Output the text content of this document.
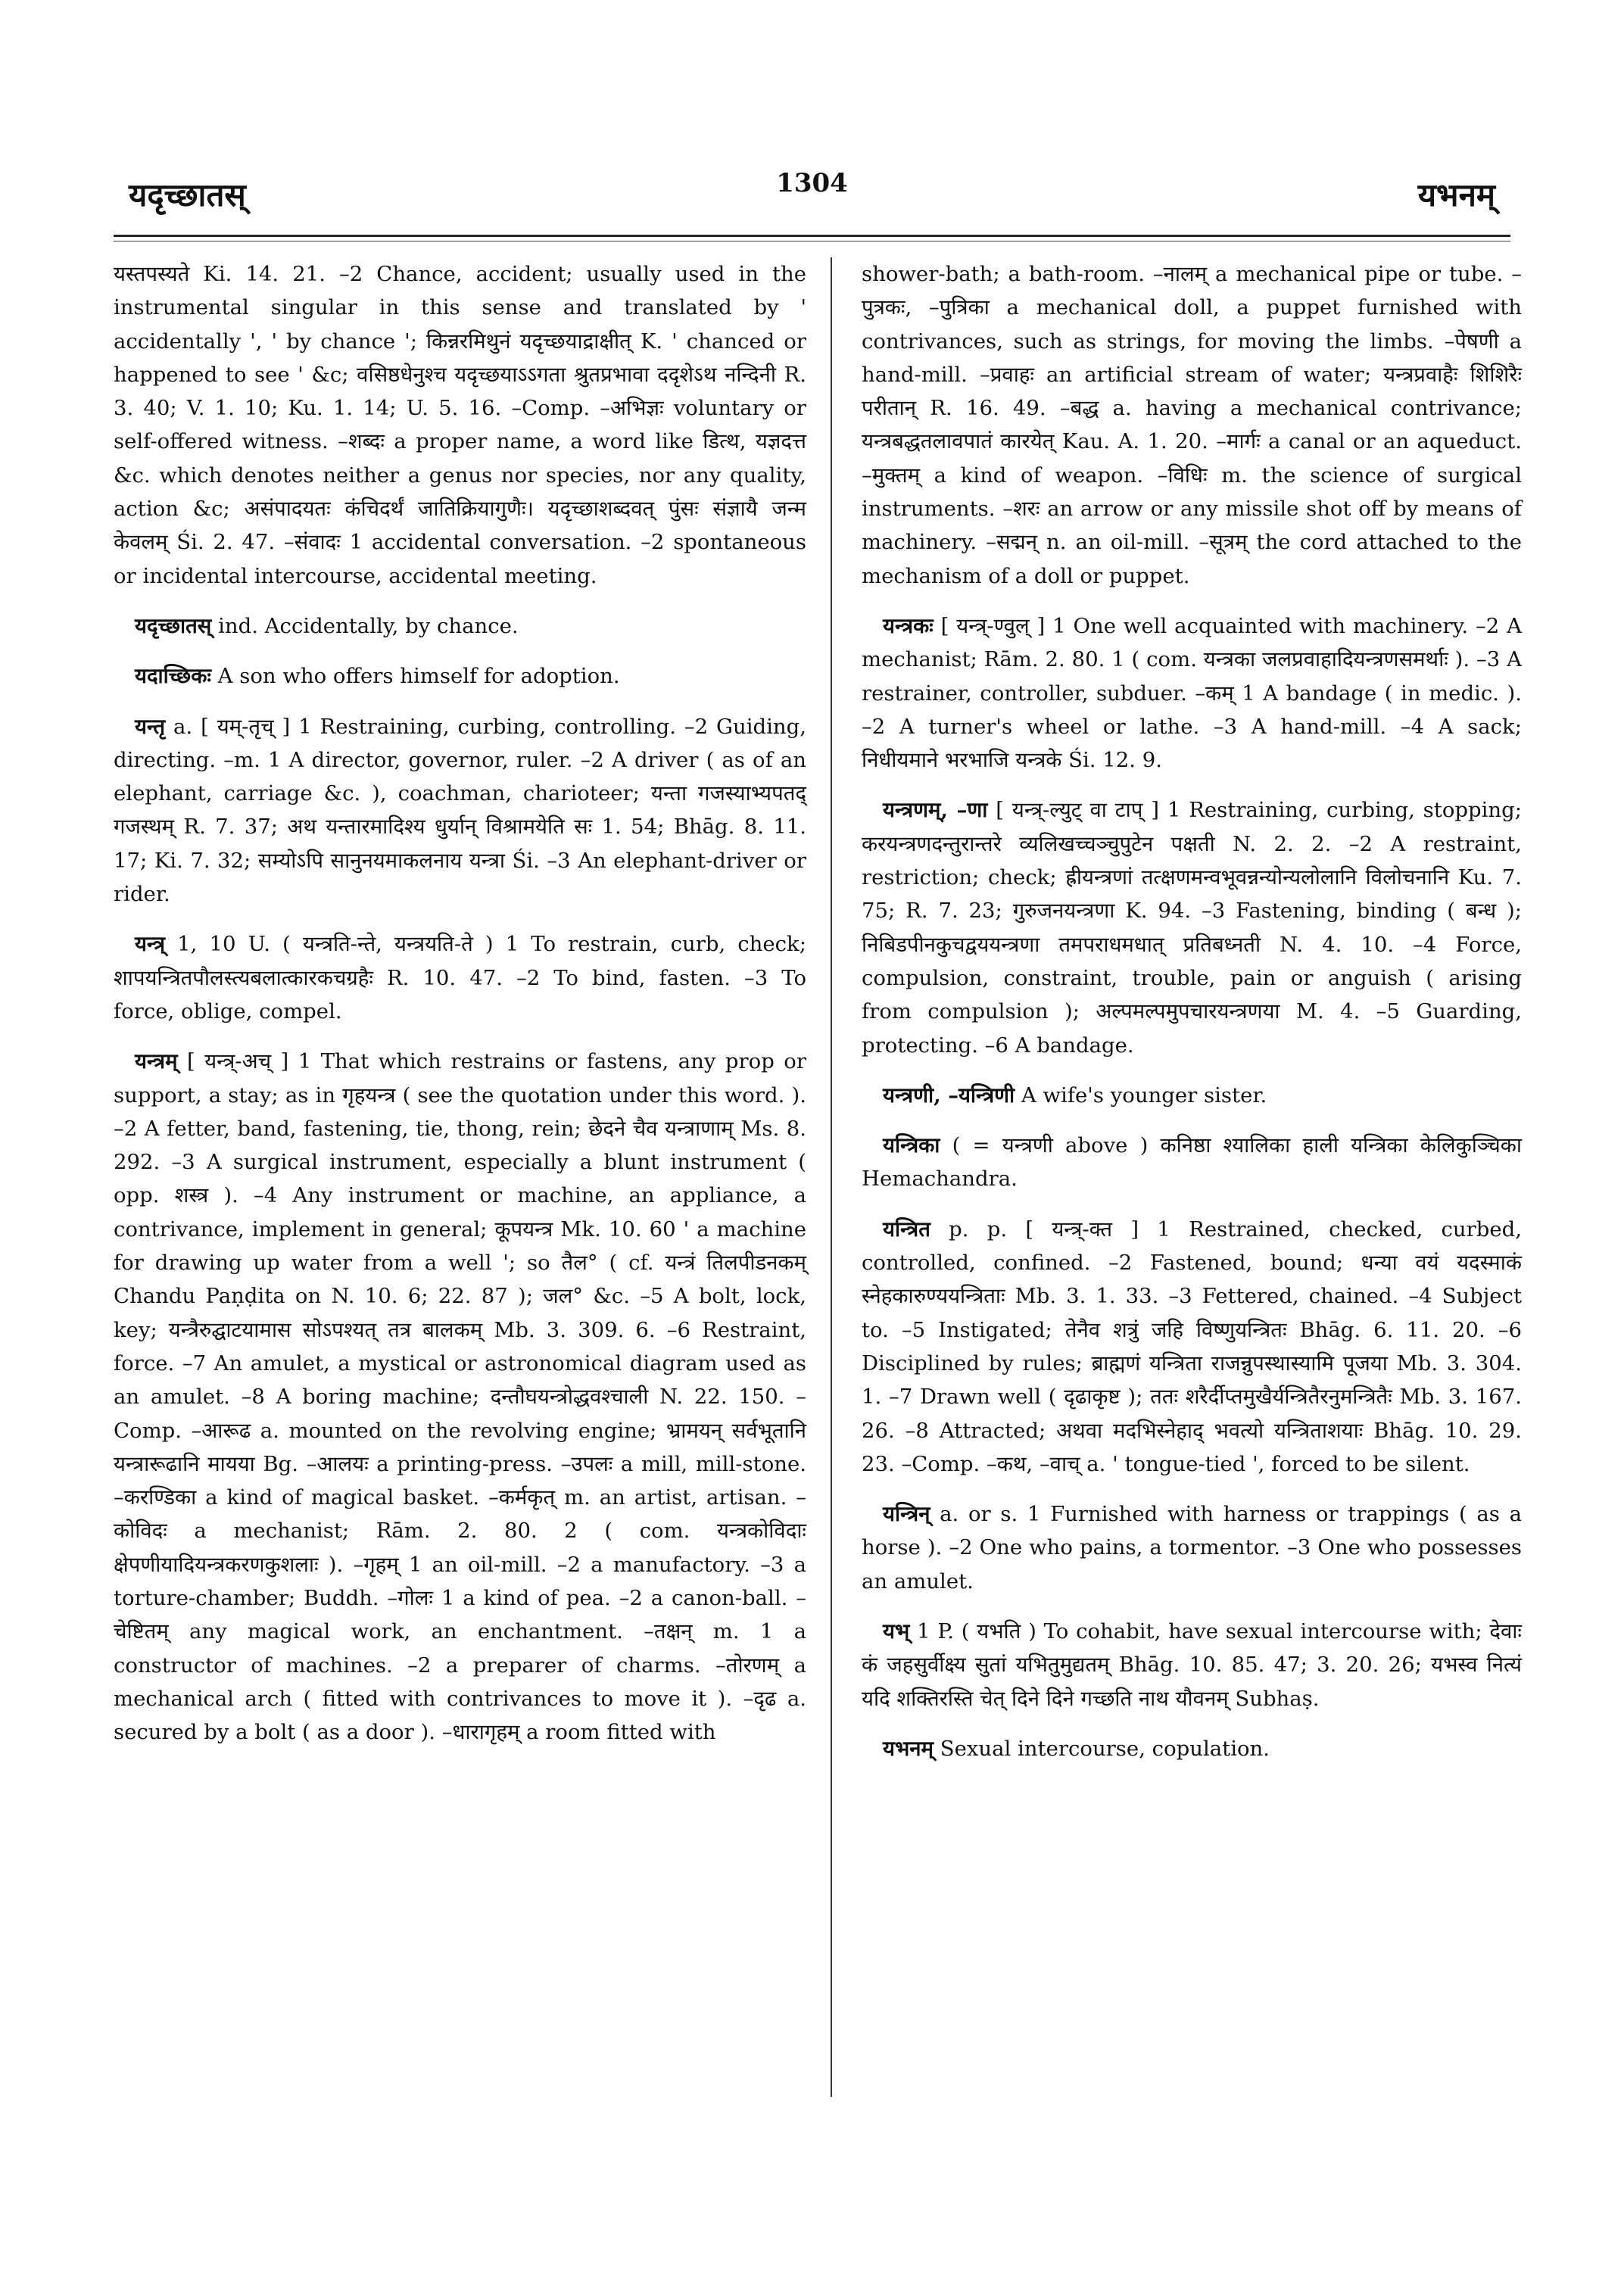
यदृच्छातस्	1304	यभनम्
यस्तपस्यते Ki. 14. 21. –2 Chance, accident; usually used in the instrumental singular in this sense and translated by ' accidentally ', ' by chance '; किन्नरमिथुनं यदृच्छयाद्राक्षीत् K. ' chanced or happened to see ' &c; वसिष्ठधेनुश्च यदृच्छयाऽऽगता श्रुतप्रभावा ददृशेऽथ नन्दिनी R. 3. 40; V. 1. 10; Ku. 1. 14; U. 5. 16. –Comp. –अभिज्ञः voluntary or self-offered witness. –शब्दः a proper name, a word like डित्थ, यज्ञदत्त &c. which denotes neither a genus nor species, nor any quality, action &c; असंपादयतः कंचिदर्थं जातिक्रियागुणैः। यदृच्छाशब्दवत् पुंसः संज्ञायै जन्म केवलम् Śi. 2. 47. –संवादः 1 accidental conversation. –2 spontaneous or incidental intercourse, accidental meeting.
यदृच्छातस् ind. Accidentally, by chance.
यदाच्छिकः A son who offers himself for adoption.
यन्तृ a. [ यम्-तृच् ] 1 Restraining, curbing, controlling. –2 Guiding, directing. –m. 1 A director, governor, ruler. –2 A driver ( as of an elephant, carriage &c. ), coachman, charioteer; यन्ता गजस्याभ्यपतद् गजस्थम् R. 7. 37; अथ यन्तारमादिश्य धुर्यान् विश्रामयेति सः 1. 54; Bhāg. 8. 11. 17; Ki. 7. 32; सम्योऽपि सानुनयमाकलनाय यन्त्रा Śi. –3 An elephant-driver or rider.
यन्त्र् 1, 10 U. ( यन्त्रति-न्ते, यन्त्रयति-ते ) 1 To restrain, curb, check; शापयन्त्रितपौलस्त्यबलात्कारकचग्रहैः R. 10. 47. –2 To bind, fasten. –3 To force, oblige, compel.
यन्त्रम् [ यन्त्र्-अच् ] 1 That which restrains or fastens, any prop or support, a stay; as in गृहयन्त्र ( see the quotation under this word. ). –2 A fetter, band, fastening, tie, thong, rein; छेदने चैव यन्त्राणाम् Ms. 8. 292. –3 A surgical instrument, especially a blunt instrument ( opp. शस्त्र ). –4 Any instrument or machine, an appliance, a contrivance, implement in general; कूपयन्त्र Mk. 10. 60 ' a machine for drawing up water from a well '; so तैल° ( cf. यन्त्रं तिलपीडनकम् Chandu Paṇḍita on N. 10. 6; 22. 87 ); जल° &c. –5 A bolt, lock, key; यन्त्रैरुद्घाटयामास सोऽपश्यत् तत्र बालकम् Mb. 3. 309. 6. –6 Restraint, force. –7 An amulet, a mystical or astronomical diagram used as an amulet. –8 A boring machine; दन्तौघयन्त्रोद्धवश्चाली N. 22. 150. –Comp. –आरूढ a. mounted on the revolving engine; भ्रामयन् सर्वभूतानि यन्त्रारूढानि मायया Bg. –आलयः a printing-press. –उपलः a mill, mill-stone. –करण्डिका a kind of magical basket. –कर्मकृत् m. an artist, artisan. –कोविदः a mechanist; Rām. 2. 80. 2 ( com. यन्त्रकोविदाः क्षेपणीयादियन्त्रकरणकुशलाः ). –गृहम् 1 an oil-mill. –2 a manufactory. –3 a torture-chamber; Buddh. –गोलः 1 a kind of pea. –2 a canon-ball. –चेष्टितम् any magical work, an enchantment. –तक्षन् m. 1 a constructor of machines. –2 a preparer of charms. –तोरणम् a mechanical arch ( fitted with contrivances to move it ). –दृढ a. secured by a bolt ( as a door ). –धारागृहम् a room fitted with
shower-bath; a bath-room. –नालम् a mechanical pipe or tube. –पुत्रकः, –पुत्रिका a mechanical doll, a puppet furnished with contrivances, such as strings, for moving the limbs. –पेषणी a hand-mill. –प्रवाहः an artificial stream of water; यन्त्रप्रवाहैः शिशिरैः परीतान् R. 16. 49. –बद्ध a. having a mechanical contrivance; यन्त्रबद्धतलावपातं कारयेत् Kau. A. 1. 20. –मार्गः a canal or an aqueduct. –मुक्तम् a kind of weapon. –विधिः m. the science of surgical instruments. –शरः an arrow or any missile shot off by means of machinery. –सद्मन् n. an oil-mill. –सूत्रम् the cord attached to the mechanism of a doll or puppet.
यन्त्रकः [ यन्त्र्-ण्वुल् ] 1 One well acquainted with machinery. –2 A mechanist; Rām. 2. 80. 1 ( com. यन्त्रका जलप्रवाहादियन्त्रणसमर्थाः ). –3 A restrainer, controller, subduer. –कम् 1 A bandage ( in medic. ). –2 A turner's wheel or lathe. –3 A hand-mill. –4 A sack; निधीयमाने भरभाजि यन्त्रके Śi. 12. 9.
यन्त्रणम्, –णा [ यन्त्र्-ल्युट् वा टाप् ] 1 Restraining, curbing, stopping; करयन्त्रणदन्तुरान्तरे व्यलिखच्चञ्चुपुटेन पक्षती N. 2. 2. –2 A restraint, restriction; check; ह्रीयन्त्रणां तत्क्षणमन्वभूवन्नन्योन्यलोलानि विलोचनानि Ku. 7. 75; R. 7. 23; गुरुजनयन्त्रणा K. 94. –3 Fastening, binding ( बन्ध ); निबिडपीनकुचद्वययन्त्रणा तमपराधमधात् प्रतिबध्नती N. 4. 10. –4 Force, compulsion, constraint, trouble, pain or anguish ( arising from compulsion ); अल्पमल्पमुपचारयन्त्रणया M. 4. –5 Guarding, protecting. –6 A bandage.
यन्त्रणी, –यन्त्रिणी A wife's younger sister.
यन्त्रिका ( = यन्त्रणी above ) कनिष्ठा श्यालिका हाली यन्त्रिका केलिकुञ्चिका Hemachandra.
यन्त्रित p. p. [ यन्त्र्-क्त ] 1 Restrained, checked, curbed, controlled, confined. –2 Fastened, bound; धन्या वयं यदस्माकं स्नेहकारुण्ययन्त्रिताः Mb. 3. 1. 33. –3 Fettered, chained. –4 Subject to. –5 Instigated; तेनैव शत्रुं जहि विष्णुयन्त्रितः Bhāg. 6. 11. 20. –6 Disciplined by rules; ब्राह्मणं यन्त्रिता राजन्नुपस्थास्यामि पूजया Mb. 3. 304. 1. –7 Drawn well ( दृढाकृष्ट ); ततः शरैर्दीप्तमुखैर्यन्त्रितैरनुमन्त्रितैः Mb. 3. 167. 26. –8 Attracted; अथवा मदभिस्नेहाद् भवत्यो यन्त्रिताशयाः Bhāg. 10. 29. 23. –Comp. –कथ, –वाच् a. ' tongue-tied ', forced to be silent.
यन्त्रिन् a. or s. 1 Furnished with harness or trappings ( as a horse ). –2 One who pains, a tormentor. –3 One who possesses an amulet.
यभ् 1 P. ( यभति ) To cohabit, have sexual intercourse with; देवाः कं जहसुर्वीक्ष्य सुतां यभितुमुद्यतम् Bhāg. 10. 85. 47; 3. 20. 26; यभस्व नित्यं यदि शक्तिरस्ति चेत् दिने दिने गच्छति नाथ यौवनम् Subhaṣ.
यभनम् Sexual intercourse, copulation.
